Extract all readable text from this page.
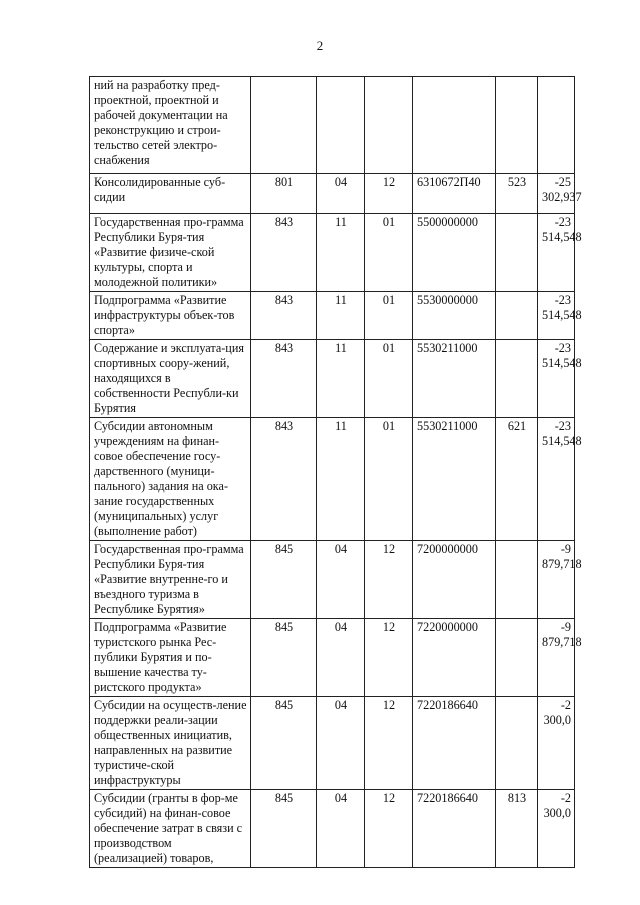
2
ний на разработку пред-проектной, проектной и рабочей документации на реконструкцию и строи-тельство сетей электро-снабжения						
Консолидированные суб-сидии	801	04	12	6310672П40	523	-25 302,937
Государственная про-грамма Республики Буря-тия «Развитие физиче-ской культуры, спорта и молодежной политики»	843	11	01	5500000000		-23 514,548
Подпрограмма «Развитие инфраструктуры объек-тов спорта»	843	11	01	5530000000		-23 514,548
Содержание и эксплуата-ция спортивных соору-жений, находящихся в собственности Республи-ки Бурятия	843	11	01	5530211000		-23 514,548
Субсидии автономным учреждениям на финан-совое обеспечение госу-дарственного (муници-пального) задания на ока-зание государственных (муниципальных) услуг (выполнение работ)	843	11	01	5530211000	621	-23 514,548
Государственная про-грамма Республики Буря-тия «Развитие внутренне-го и въездного туризма в Республике Бурятия»	845	04	12	7200000000		-9 879,718
Подпрограмма «Развитие туристского рынка Рес-публики Бурятия и по-вышение качества ту-ристского продукта»	845	04	12	7220000000		-9 879,718
Субсидии на осуществ-ление поддержки реали-зации общественных инициатив, направленных на развитие туристиче-ской инфраструктуры	845	04	12	7220186640		-2 300,0
Субсидии (гранты в фор-ме субсидий) на финан-совое обеспечение затрат в связи с производством (реализацией) товаров,	845	04	12	7220186640	813	-2 300,0
